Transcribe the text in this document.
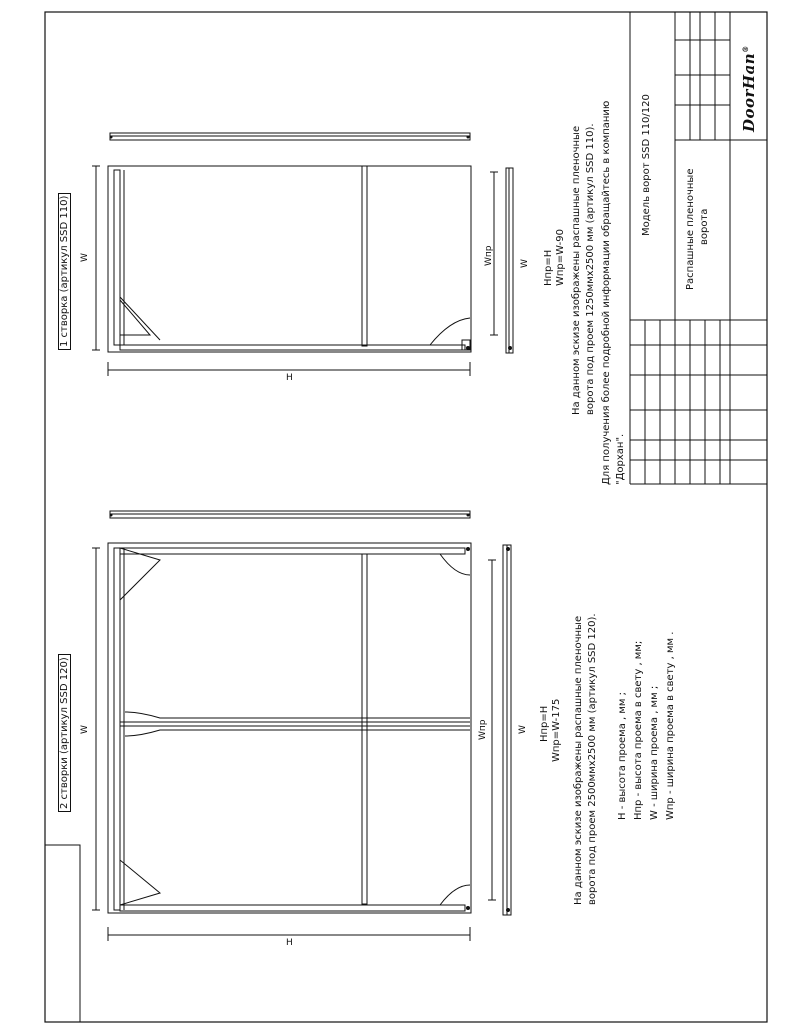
1 створка (артикул SSD 110) W
H
Wпр	W Hпр=H Wпр=W-90 На данном эскизе изображены распашные пленочные ворота под проем 1250ммх2500 мм (артикул SSD 110). Для получения более подробной информации обращайтесь в компанию "Дорхан".
2 створки (артикул SSD 120) W
H
Wпр	W Hпр=H Wпр=W-175 На данном эскизе изображены распашные пленочные ворота под проем 2500ммх2500 мм (артикул SSD 120). H - высота проема , мм ; Hпр - высота проема в свету , мм; W - ширина проема , мм ; Wпр - ширина проема в свету , мм .
Модель ворот SSD 110/120	Распашные пленочные ворота
DoorHan®
